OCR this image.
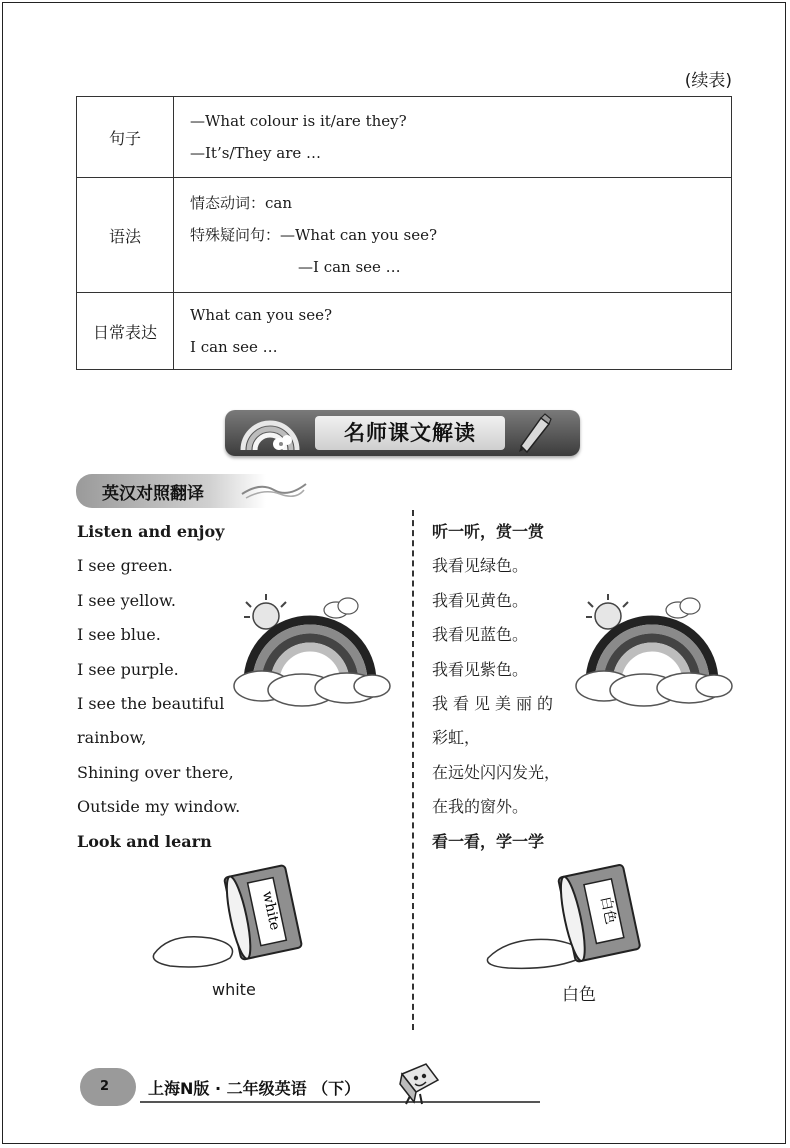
(续表)
句子	—What colour is it/are they?
—It’s/They are …

语法	情态动词：can
特殊疑问句：—What can you see?
—I can see …

日常表达	What can you see?
I can see …
名师课文解读
英汉对照翻译
Listen and enjoy
I see green.
I see yellow.
I see blue.
I see purple.
I see the beautiful
rainbow,
Shining over there,
Outside my window.
Look and learn
听一听，赏一赏
我看见绿色。
我看见黄色。
我看见蓝色。
我看见紫色。
我看见美丽的
彩虹，
在远处闪闪发光，
在我的窗外。
看一看，学一学
white	白色
white	白色
2 上海N版 · 二年级英语 （下）
